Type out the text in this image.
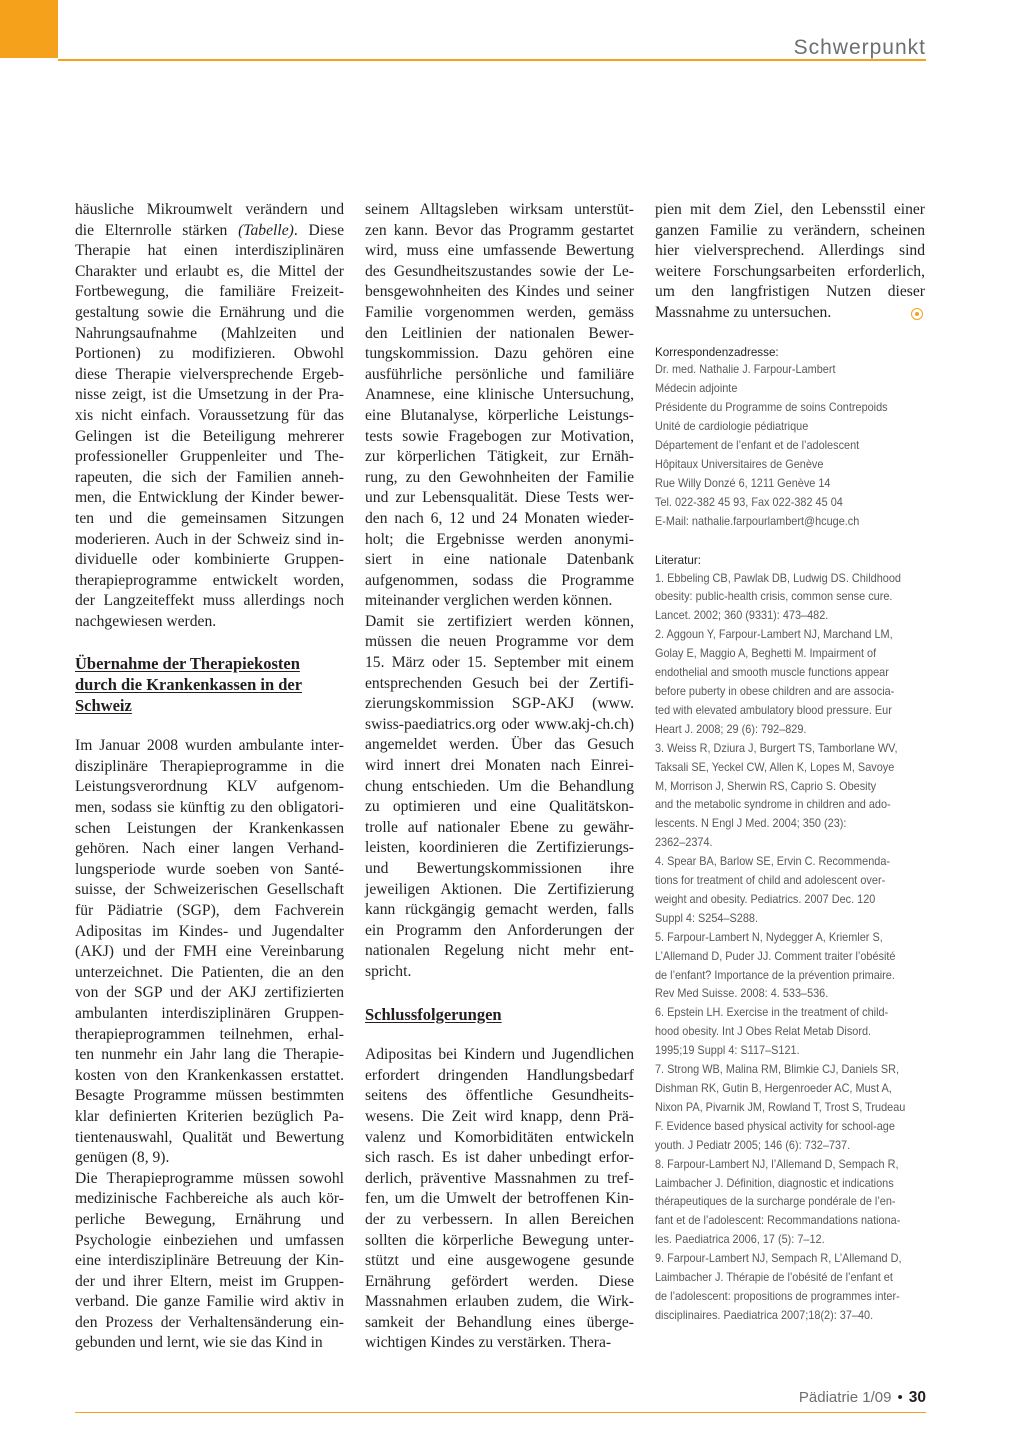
Schwerpunkt

häusliche Mikroumwelt verändern und
die Elternrolle stärken (Tabelle). Diese
Therapie hat einen interdisziplinären
Charakter und erlaubt es, die Mittel der
Fortbewegung, die familiäre Freizeit-
gestaltung sowie die Ernährung und die
Nahrungsaufnahme (Mahlzeiten und
Portionen) zu modifizieren. Obwohl
diese Therapie vielversprechende Ergeb-
nisse zeigt, ist die Umsetzung in der Pra-
xis nicht einfach. Voraussetzung für das
Gelingen ist die Beteiligung mehrerer
professioneller Gruppenleiter und The-
rapeuten, die sich der Familien anneh-
men, die Entwicklung der Kinder bewer-
ten und die gemeinsamen Sitzungen
moderieren. Auch in der Schweiz sind in-
dividuelle oder kombinierte Gruppen-
therapieprogramme entwickelt worden,
der Langzeiteffekt muss allerdings noch
nachgewiesen werden.

Übernahme der Therapiekosten
durch die Krankenkassen in der
Schweiz

Im Januar 2008 wurden ambulante inter-
disziplinäre Therapieprogramme in die
Leistungsverordnung KLV aufgenom-
men, sodass sie künftig zu den obligatori-
schen Leistungen der Krankenkassen
gehören. Nach einer langen Verhand-
lungsperiode wurde soeben von Santé-
suisse, der Schweizerischen Gesellschaft
für Pädiatrie (SGP), dem Fachverein
Adipositas im Kindes- und Jugendalter
(AKJ) und der FMH eine Vereinbarung
unterzeichnet. Die Patienten, die an den
von der SGP und der AKJ zertifizierten
ambulanten interdisziplinären Gruppen-
therapieprogrammen teilnehmen, erhal-
ten nunmehr ein Jahr lang die Therapie-
kosten von den Krankenkassen erstattet.
Besagte Programme müssen bestimmten
klar definierten Kriterien bezüglich Pa-
tientenauswahl, Qualität und Bewertung
genügen (8, 9).

Die Therapieprogramme müssen sowohl
medizinische Fachbereiche als auch kör-
perliche Bewegung, Ernährung und
Psychologie einbeziehen und umfassen
eine interdisziplinäre Betreuung der Kin-
der und ihrer Eltern, meist im Gruppen-
verband. Die ganze Familie wird aktiv in
den Prozess der Verhaltensänderung ein-
gebunden und lernt, wie sie das Kind in

seinem Alltagsleben wirksam unterstüt-
zen kann. Bevor das Programm gestartet
wird, muss eine umfassende Bewertung
des Gesundheitszustandes sowie der Le-
bensgewohnheiten des Kindes und seiner
Familie vorgenommen werden, gemäss
den Leitlinien der nationalen Bewer-
tungskommission. Dazu gehören eine
ausführliche persönliche und familiäre
Anamnese, eine klinische Untersuchung,
eine Blutanalyse, körperliche Leistungs-
tests sowie Fragebogen zur Motivation,
zur körperlichen Tätigkeit, zur Ernäh-
rung, zu den Gewohnheiten der Familie
und zur Lebensqualität. Diese Tests wer-
den nach 6, 12 und 24 Monaten wieder-
holt; die Ergebnisse werden anonymi-
siert in eine nationale Datenbank
aufgenommen, sodass die Programme
miteinander verglichen werden können.

Damit sie zertifiziert werden können,
müssen die neuen Programme vor dem
15. März oder 15. September mit einem
entsprechenden Gesuch bei der Zertifi-
zierungskommission SGP-AKJ (www.
swiss-paediatrics.org oder www.akj-ch.ch)
angemeldet werden. Über das Gesuch
wird innert drei Monaten nach Einrei-
chung entschieden. Um die Behandlung
zu optimieren und eine Qualitätskon-
trolle auf nationaler Ebene zu gewähr-
leisten, koordinieren die Zertifizierungs-
und Bewertungskommissionen ihre
jeweiligen Aktionen. Die Zertifizierung
kann rückgängig gemacht werden, falls
ein Programm den Anforderungen der
nationalen Regelung nicht mehr ent-
spricht.

Schlussfolgerungen

Adipositas bei Kindern und Jugendlichen
erfordert dringenden Handlungsbedarf
seitens des öffentliche Gesundheits-
wesens. Die Zeit wird knapp, denn Prä-
valenz und Komorbiditäten entwickeln
sich rasch. Es ist daher unbedingt erfor-
derlich, präventive Massnahmen zu tref-
fen, um die Umwelt der betroffenen Kin-
der zu verbessern. In allen Bereichen
sollten die körperliche Bewegung unter-
stützt und eine ausgewogene gesunde
Ernährung gefördert werden. Diese
Massnahmen erlauben zudem, die Wirk-
samkeit der Behandlung eines überge-
wichtigen Kindes zu verstärken. Thera-

pien mit dem Ziel, den Lebensstil einer
ganzen Familie zu verändern, scheinen
hier vielversprechend. Allerdings sind
weitere Forschungsarbeiten erforderlich,
um den langfristigen Nutzen dieser
Massnahme zu untersuchen.

Korrespondenzadresse:
Dr. med. Nathalie J. Farpour-Lambert
Médecin adjointe
Présidente du Programme de soins Contrepoids
Unité de cardiologie pédiatrique
Département de l’enfant et de l’adolescent
Hôpitaux Universitaires de Genève
Rue Willy Donzé 6, 1211 Genève 14
Tel. 022-382 45 93, Fax 022-382 45 04
E-Mail: nathalie.farpourlambert@hcuge.ch
Literatur:
1. Ebbeling CB, Pawlak DB, Ludwig DS. Childhood
obesity: public-health crisis, common sense cure.
Lancet. 2002; 360 (9331): 473–482.
2. Aggoun Y, Farpour-Lambert NJ, Marchand LM,
Golay E, Maggio A, Beghetti M. Impairment of
endothelial and smooth muscle functions appear
before puberty in obese children and are associa-
ted with elevated ambulatory blood pressure. Eur
Heart J. 2008; 29 (6): 792–829.
3. Weiss R, Dziura J, Burgert TS, Tamborlane WV,
Taksali SE, Yeckel CW, Allen K, Lopes M, Savoye
M, Morrison J, Sherwin RS, Caprio S. Obesity
and the metabolic syndrome in children and ado-
lescents. N Engl J Med. 2004; 350 (23):
2362–2374.
4. Spear BA, Barlow SE, Ervin C. Recommenda-
tions for treatment of child and adolescent over-
weight and obesity. Pediatrics. 2007 Dec. 120
Suppl 4: S254–S288.
5. Farpour-Lambert N, Nydegger A, Kriemler S,
L’Allemand D, Puder JJ. Comment traiter l’obésité
de l’enfant? Importance de la prévention primaire.
Rev Med Suisse. 2008: 4. 533–536.
6. Epstein LH. Exercise in the treatment of child-
hood obesity. Int J Obes Relat Metab Disord.
1995;19 Suppl 4: S117–S121.
7. Strong WB, Malina RM, Blimkie CJ, Daniels SR,
Dishman RK, Gutin B, Hergenroeder AC, Must A,
Nixon PA, Pivarnik JM, Rowland T, Trost S, Trudeau
F. Evidence based physical activity for school-age
youth. J Pediatr 2005; 146 (6): 732–737.
8. Farpour-Lambert NJ, l’Allemand D, Sempach R,
Laimbacher J. Définition, diagnostic et indications
thérapeutiques de la surcharge pondérale de l’en-
fant et de l’adolescent: Recommandations nationa-
les. Paediatrica 2006, 17 (5): 7–12.
9. Farpour-Lambert NJ, Sempach R, L’Allemand D,
Laimbacher J. Thérapie de l’obésité de l’enfant et
de l’adolescent: propositions de programmes inter-
disciplinaires. Paediatrica 2007;18(2): 37–40.
Pädiatrie 1/09 • 30
